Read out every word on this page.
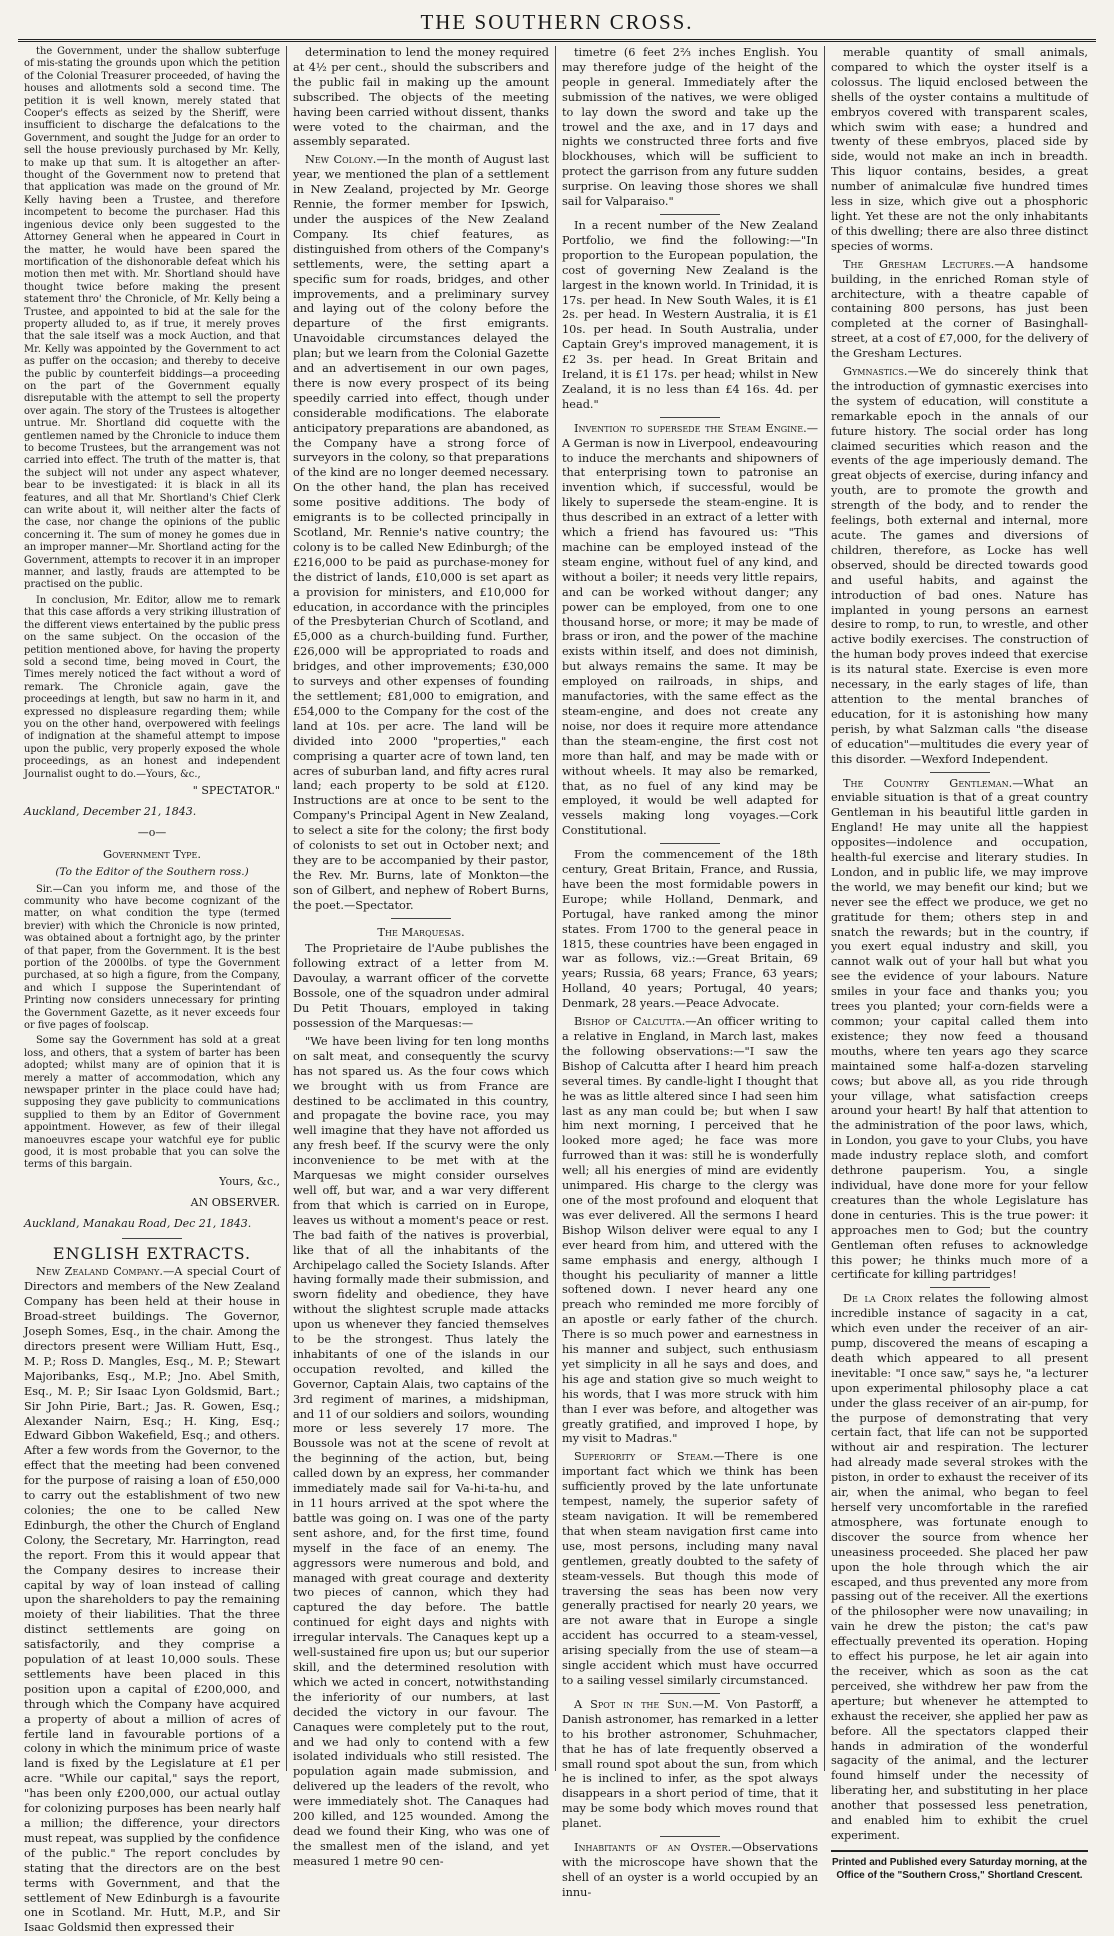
THE SOUTHERN CROSS.

the Government, under the shallow subterfuge of mis-stating the grounds upon which the petition of the Colonial Treasurer proceeded, of having the houses and allotments sold a second time. The petition it is well known, merely stated that Cooper's effects as seized by the Sheriff, were insufficient to discharge the defalcations to the Government, and sought the Judge for an order to sell the house previously purchased by Mr. Kelly, to make up that sum. It is altogether an after-thought of the Government now to pretend that that application was made on the ground of Mr. Kelly having been a Trustee, and therefore incompetent to become the purchaser. Had this ingenious device only been suggested to the Attorney General when he appeared in Court in the matter, he would have been spared the mortification of the dishonorable defeat which his motion then met with. Mr. Shortland should have thought twice before making the present statement thro' the Chronicle, of Mr. Kelly being a Trustee, and appointed to bid at the sale for the property alluded to, as if true, it merely proves that the sale itself was a mock Auction, and that Mr. Kelly was appointed by the Government to act as puffer on the occasion; and thereby to deceive the public by counterfeit biddings—a proceeding on the part of the Government equally disreputable with the attempt to sell the property over again. The story of the Trustees is altogether untrue. Mr. Shortland did coquette with the gentlemen named by the Chronicle to induce them to become Trustees, but the arrangement was not carried into effect. The truth of the matter is, that the subject will not under any aspect whatever, bear to be investigated: it is black in all its features, and all that Mr. Shortland's Chief Clerk can write about it, will neither alter the facts of the case, nor change the opinions of the public concerning it. The sum of money he gomes due in an improper manner—Mr. Shortland acting for the Government, attempts to recover it in an improper manner, and lastly, frauds are attempted to be practised on the public.

In conclusion, Mr. Editor, allow me to remark that this case affords a very striking illustration of the different views entertained by the public press on the same subject. On the occasion of the petition mentioned above, for having the property sold a second time, being moved in Court, the Times merely noticed the fact without a word of remark. The Chronicle again, gave the proceedings at length, but saw no harm in it, and expressed no displeasure regarding them; while you on the other hand, overpowered with feelings of indignation at the shameful attempt to impose upon the public, very properly exposed the whole proceedings, as an honest and independent Journalist ought to do.—Yours, &c.,

" SPECTATOR."
Auckland, December 21, 1843.
—o—
Government Type.
(To the Editor of the Southern ross.)

Sir.—Can you inform me, and those of the community who have become cognizant of the matter, on what condition the type (termed brevier) with which the Chronicle is now printed, was obtained about a fortnight ago, by the printer of that paper, from the Government. It is the best portion of the 2000lbs. of type the Government purchased, at so high a figure, from the Company, and which I suppose the Superintendant of Printing now considers unnecessary for printing the Government Gazette, as it never exceeds four or five pages of foolscap.

Some say the Government has sold at a great loss, and others, that a system of barter has been adopted; whilst many are of opinion that it is merely a matter of accommodation, which any newspaper printer in the place could have had; supposing they gave publicity to communications supplied to them by an Editor of Government appointment. However, as few of their illegal manoeuvres escape your watchful eye for public good, it is most probable that you can solve the terms of this bargain.

Yours, &c.,
AN OBSERVER.
Auckland, Manakau Road, Dec 21, 1843.
ENGLISH EXTRACTS.

New Zealand Company.—A special Court of Directors and members of the New Zealand Company has been held at their house in Broad-street buildings. The Governor, Joseph Somes, Esq., in the chair. Among the directors present were William Hutt, Esq., M. P.; Ross D. Mangles, Esq., M. P.; Stewart Majoribanks, Esq., M.P.; Jno. Abel Smith, Esq., M. P.; Sir Isaac Lyon Goldsmid, Bart.; Sir John Pirie, Bart.; Jas. R. Gowen, Esq.; Alexander Nairn, Esq.; H. King, Esq.; Edward Gibbon Wakefield, Esq.; and others. After a few words from the Governor, to the effect that the meeting had been convened for the purpose of raising a loan of £50,000 to carry out the establishment of two new colonies; the one to be called New Edinburgh, the other the Church of England Colony, the Secretary, Mr. Harrington, read the report. From this it would appear that the Company desires to increase their capital by way of loan instead of calling upon the shareholders to pay the remaining moiety of their liabilities. That the three distinct settlements are going on satisfactorily, and they comprise a population of at least 10,000 souls. These settlements have been placed in this position upon a capital of £200,000, and through which the Company have acquired a property of about a million of acres of fertile land in favourable portions of a colony in which the minimum price of waste land is fixed by the Legislature at £1 per acre. "While our capital," says the report, "has been only £200,000, our actual outlay for colonizing purposes has been nearly half a million; the difference, your directors must repeat, was supplied by the confidence of the public." The report concludes by stating that the directors are on the best terms with Government, and that the settlement of New Edinburgh is a favourite one in Scotland. Mr. Hutt, M.P., and Sir Isaac Goldsmid then expressed their

determination to lend the money required at 4½ per cent., should the subscribers and the public fail in making up the amount subscribed. The objects of the meeting having been carried without dissent, thanks were voted to the chairman, and the assembly separated.

New Colony.—In the month of August last year, we mentioned the plan of a settlement in New Zealand, projected by Mr. George Rennie, the former member for Ipswich, under the auspices of the New Zealand Company. Its chief features, as distinguished from others of the Company's settlements, were, the setting apart a specific sum for roads, bridges, and other improvements, and a preliminary survey and laying out of the colony before the departure of the first emigrants. Unavoidable circumstances delayed the plan; but we learn from the Colonial Gazette and an advertisement in our own pages, there is now every prospect of its being speedily carried into effect, though under considerable modifications. The elaborate anticipatory preparations are abandoned, as the Company have a strong force of surveyors in the colony, so that preparations of the kind are no longer deemed necessary. On the other hand, the plan has received some positive additions. The body of emigrants is to be collected principally in Scotland, Mr. Rennie's native country; the colony is to be called New Edinburgh; of the £216,000 to be paid as purchase-money for the district of lands, £10,000 is set apart as a provision for ministers, and £10,000 for education, in accordance with the principles of the Presbyterian Church of Scotland, and £5,000 as a church-building fund. Further, £26,000 will be appropriated to roads and bridges, and other improvements; £30,000 to surveys and other expenses of founding the settlement; £81,000 to emigration, and £54,000 to the Company for the cost of the land at 10s. per acre. The land will be divided into 2000 "properties," each comprising a quarter acre of town land, ten acres of suburban land, and fifty acres rural land; each property to be sold at £120. Instructions are at once to be sent to the Company's Principal Agent in New Zealand, to select a site for the colony; the first body of colonists to set out in October next; and they are to be accompanied by their pastor, the Rev. Mr. Burns, late of Monkton—the son of Gilbert, and nephew of Robert Burns, the poet.—Spectator.

The Marquesas.

The Proprietaire de l'Aube publishes the following extract of a letter from M. Davoulay, a warrant officer of the corvette Bossole, one of the squadron under admiral Du Petit Thouars, employed in taking possession of the Marquesas:—

"We have been living for ten long months on salt meat, and consequently the scurvy has not spared us. As the four cows which we brought with us from France are destined to be acclimated in this country, and propagate the bovine race, you may well imagine that they have not afforded us any fresh beef. If the scurvy were the only inconvenience to be met with at the Marquesas we might consider ourselves well off, but war, and a war very different from that which is carried on in Europe, leaves us without a moment's peace or rest. The bad faith of the natives is proverbial, like that of all the inhabitants of the Archipelago called the Society Islands. After having formally made their submission, and sworn fidelity and obedience, they have without the slightest scruple made attacks upon us whenever they fancied themselves to be the strongest. Thus lately the inhabitants of one of the islands in our occupation revolted, and killed the Governor, Captain Alais, two captains of the 3rd regiment of marines, a midshipman, and 11 of our soldiers and soilors, wounding more or less severely 17 more. The Boussole was not at the scene of revolt at the beginning of the action, but, being called down by an express, her commander immediately made sail for Va-hi-ta-hu, and in 11 hours arrived at the spot where the battle was going on. I was one of the party sent ashore, and, for the first time, found myself in the face of an enemy. The aggressors were numerous and bold, and managed with great courage and dexterity two pieces of cannon, which they had captured the day before. The battle continued for eight days and nights with irregular intervals. The Canaques kept up a well-sustained fire upon us; but our superior skill, and the determined resolution with which we acted in concert, notwithstanding the inferiority of our numbers, at last decided the victory in our favour. The Canaques were completely put to the rout, and we had only to contend with a few isolated individuals who still resisted. The population again made submission, and delivered up the leaders of the revolt, who were immediately shot. The Canaques had 200 killed, and 125 wounded. Among the dead we found their King, who was one of the smallest men of the island, and yet measured 1 metre 90 cen-

timetre (6 feet 2⅔ inches English. You may therefore judge of the height of the people in general. Immediately after the submission of the natives, we were obliged to lay down the sword and take up the trowel and the axe, and in 17 days and nights we constructed three forts and five blockhouses, which will be sufficient to protect the garrison from any future sudden surprise. On leaving those shores we shall sail for Valparaiso."

In a recent number of the New Zealand Portfolio, we find the following:—"In proportion to the European population, the cost of governing New Zealand is the largest in the known world. In Trinidad, it is 17s. per head. In New South Wales, it is £1 2s. per head. In Western Australia, it is £1 10s. per head. In South Australia, under Captain Grey's improved management, it is £2 3s. per head. In Great Britain and Ireland, it is £1 17s. per head; whilst in New Zealand, it is no less than £4 16s. 4d. per head."

Invention to supersede the Steam Engine.—A German is now in Liverpool, endeavouring to induce the merchants and shipowners of that enterprising town to patronise an invention which, if successful, would be likely to supersede the steam-engine. It is thus described in an extract of a letter with which a friend has favoured us: "This machine can be employed instead of the steam engine, without fuel of any kind, and without a boiler; it needs very little repairs, and can be worked without danger; any power can be employed, from one to one thousand horse, or more; it may be made of brass or iron, and the power of the machine exists within itself, and does not diminish, but always remains the same. It may be employed on railroads, in ships, and manufactories, with the same effect as the steam-engine, and does not create any noise, nor does it require more attendance than the steam-engine, the first cost not more than half, and may be made with or without wheels. It may also be remarked, that, as no fuel of any kind may be employed, it would be well adapted for vessels making long voyages.—Cork Constitutional.

From the commencement of the 18th century, Great Britain, France, and Russia, have been the most formidable powers in Europe; while Holland, Denmark, and Portugal, have ranked among the minor states. From 1700 to the general peace in 1815, these countries have been engaged in war as follows, viz.:—Great Britain, 69 years; Russia, 68 years; France, 63 years; Holland, 40 years; Portugal, 40 years; Denmark, 28 years.—Peace Advocate.

Bishop of Calcutta.—An officer writing to a relative in England, in March last, makes the following observations:—"I saw the Bishop of Calcutta after I heard him preach several times. By candle-light I thought that he was as little altered since I had seen him last as any man could be; but when I saw him next morning, I perceived that he looked more aged; he face was more furrowed than it was: still he is wonderfully well; all his energies of mind are evidently unimpared. His charge to the clergy was one of the most profound and eloquent that was ever delivered. All the sermons I heard Bishop Wilson deliver were equal to any I ever heard from him, and uttered with the same emphasis and energy, although I thought his peculiarity of manner a little softened down. I never heard any one preach who reminded me more forcibly of an apostle or early father of the church. There is so much power and earnestness in his manner and subject, such enthusiasm yet simplicity in all he says and does, and his age and station give so much weight to his words, that I was more struck with him than I ever was before, and altogether was greatly gratified, and improved I hope, by my visit to Madras."

Superiority of Steam.—There is one important fact which we think has been sufficiently proved by the late unfortunate tempest, namely, the superior safety of steam navigation. It will be remembered that when steam navigation first came into use, most persons, including many naval gentlemen, greatly doubted to the safety of steam-vessels. But though this mode of traversing the seas has been now very generally practised for nearly 20 years, we are not aware that in Europe a single accident has occurred to a steam-vessel, arising specially from the use of steam—a single accident which must have occurred to a sailing vessel similarly circumstanced.

A Spot in the Sun.—M. Von Pastorff, a Danish astronomer, has remarked in a letter to his brother astronomer, Schuhmacher, that he has of late frequently observed a small round spot about the sun, from which he is inclined to infer, as the spot always disappears in a short period of time, that it may be some body which moves round that planet.

Inhabitants of an Oyster.—Observations with the microscope have shown that the shell of an oyster is a world occupied by an innu-

merable quantity of small animals, compared to which the oyster itself is a colossus. The liquid enclosed between the shells of the oyster contains a multitude of embryos covered with transparent scales, which swim with ease; a hundred and twenty of these embryos, placed side by side, would not make an inch in breadth. This liquor contains, besides, a great number of animalculæ five hundred times less in size, which give out a phosphoric light. Yet these are not the only inhabitants of this dwelling; there are also three distinct species of worms.

The Gresham Lectures.—A handsome building, in the enriched Roman style of architecture, with a theatre capable of containing 800 persons, has just been completed at the corner of Basinghall-street, at a cost of £7,000, for the delivery of the Gresham Lectures.

Gymnastics.—We do sincerely think that the introduction of gymnastic exercises into the system of education, will constitute a remarkable epoch in the annals of our future history. The social order has long claimed securities which reason and the events of the age imperiously demand. The great objects of exercise, during infancy and youth, are to promote the growth and strength of the body, and to render the feelings, both external and internal, more acute. The games and diversions of children, therefore, as Locke has well observed, should be directed towards good and useful habits, and against the introduction of bad ones. Nature has implanted in young persons an earnest desire to romp, to run, to wrestle, and other active bodily exercises. The construction of the human body proves indeed that exercise is its natural state. Exercise is even more necessary, in the early stages of life, than attention to the mental branches of education, for it is astonishing how many perish, by what Salzman calls "the disease of education"—multitudes die every year of this disorder. —Wexford Independent.

The Country Gentleman.—What an enviable situation is that of a great country Gentleman in his beautiful little garden in England! He may unite all the happiest opposites—indolence and occupation, health-ful exercise and literary studies. In London, and in public life, we may improve the world, we may benefit our kind; but we never see the effect we produce, we get no gratitude for them; others step in and snatch the rewards; but in the country, if you exert equal industry and skill, you cannot walk out of your hall but what you see the evidence of your labours. Nature smiles in your face and thanks you; you trees you planted; your corn-fields were a common; your capital called them into existence; they now feed a thousand mouths, where ten years ago they scarce maintained some half-a-dozen starveling cows; but above all, as you ride through your village, what satisfaction creeps around your heart! By half that attention to the administration of the poor laws, which, in London, you gave to your Clubs, you have made industry replace sloth, and comfort dethrone pauperism. You, a single individual, have done more for your fellow creatures than the whole Legislature has done in centuries. This is the true power: it approaches men to God; but the country Gentleman often refuses to acknowledge this power; he thinks much more of a certificate for killing partridges!

De la Croix relates the following almost incredible instance of sagacity in a cat, which even under the receiver of an air-pump, discovered the means of escaping a death which appeared to all present inevitable: "I once saw," says he, "a lecturer upon experimental philosophy place a cat under the glass receiver of an air-pump, for the purpose of demonstrating that very certain fact, that life can not be supported without air and respiration. The lecturer had already made several strokes with the piston, in order to exhaust the receiver of its air, when the animal, who began to feel herself very uncomfortable in the rarefied atmosphere, was fortunate enough to discover the source from whence her uneasiness proceeded. She placed her paw upon the hole through which the air escaped, and thus prevented any more from passing out of the receiver. All the exertions of the philosopher were now unavailing; in vain he drew the piston; the cat's paw effectually prevented its operation. Hoping to effect his purpose, he let air again into the receiver, which as soon as the cat perceived, she withdrew her paw from the aperture; but whenever he attempted to exhaust the receiver, she applied her paw as before. All the spectators clapped their hands in admiration of the wonderful sagacity of the animal, and the lecturer found himself under the necessity of liberating her, and substituting in her place another that possessed less penetration, and enabled him to exhibit the cruel experiment.

Printed and Published every Saturday morning, at the Office of the "Southern Cross," Shortland Crescent.
